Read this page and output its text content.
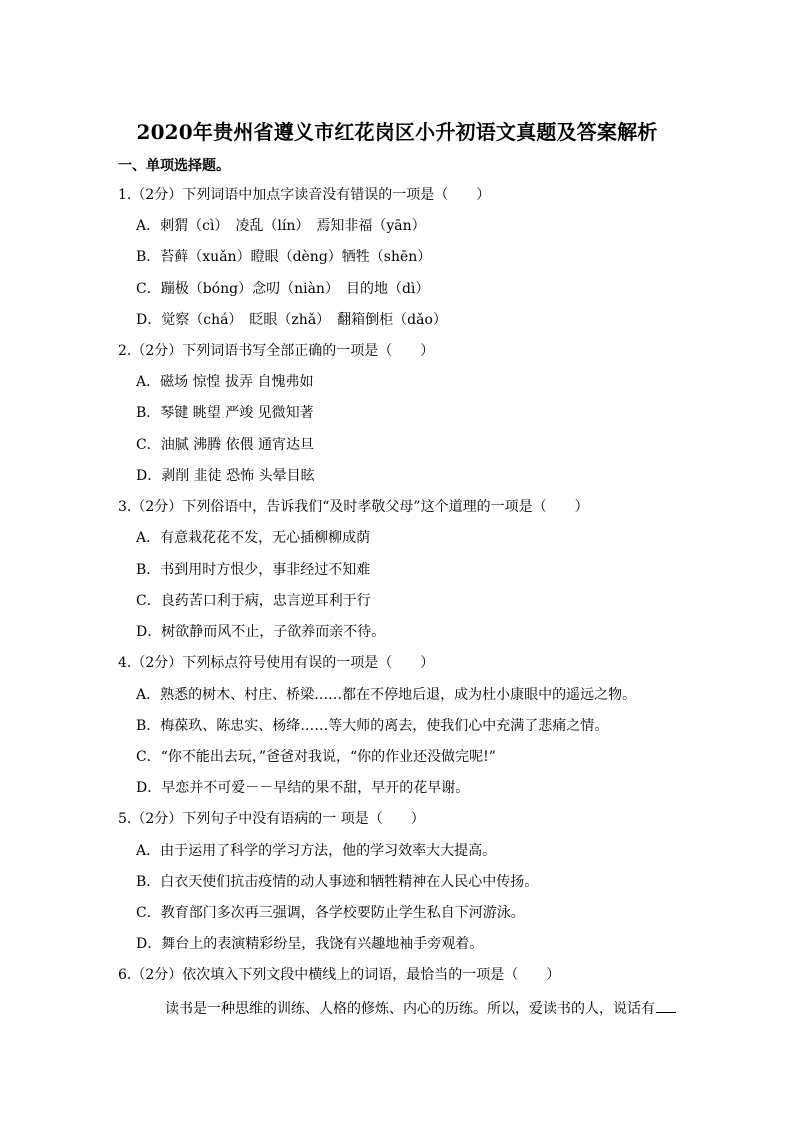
2020年贵州省遵义市红花岗区小升初语文真题及答案解析
一、单项选择题。
1.（2分）下列词语中加点字读音没有错误的一项是（　　）
A．刺猬（cì）　凌乱（lín）　焉知非福（yān）
B．苔藓（xuǎn）瞪眼（dèng）牺牲（shēn）
C．蹦极（bóng）念叨（niàn）　目的地（dì）
D．觉察（chá）　眨眼（zhǎ）　翻箱倒柜（dǎo）
2.（2分）下列词语书写全部正确的一项是（　　）
A．磁场 惊惶 拔弄 自愧弗如
B．琴键 眺望 严竣 见微知著
C．油腻 沸腾 依偎 通宵达旦
D．剥削 韭徒 恐怖 头晕目眩
3.（2分）下列俗语中，告诉我们“及时孝敬父母”这个道理的一项是（　　）
A．有意栽花花不发，无心插柳柳成荫
B．书到用时方恨少，事非经过不知难
C．良药苦口利于病，忠言逆耳利于行
D．树欲静而风不止，子欲养而亲不待。
4.（2分）下列标点符号使用有误的一项是（　　）
A．熟悉的树木、村庄、桥梁……都在不停地后退，成为杜小康眼中的遥远之物。
B．梅葆玖、陈忠实、杨绛……等大师的离去，使我们心中充满了悲痛之情。
C．“你不能出去玩，”爸爸对我说，“你的作业还没做完呢!”
D．早恋并不可爱－－早结的果不甜，早开的花早谢。
5.（2分）下列句子中没有语病的一 项是（　　）
A．由于运用了科学的学习方法，他的学习效率大大提高。
B．白衣天使们抗击疫情的动人事迹和牺牲精神在人民心中传扬。
C．教育部门多次再三强调，各学校要防止学生私自下河游泳。
D．舞台上的表演精彩纷呈，我饶有兴趣地袖手旁观着。
6.（2分）依次填入下列文段中横线上的词语，最恰当的一项是（　　）
读书是一种思维的训练、人格的修炼、内心的历练。所以，爱读书的人，说话有
